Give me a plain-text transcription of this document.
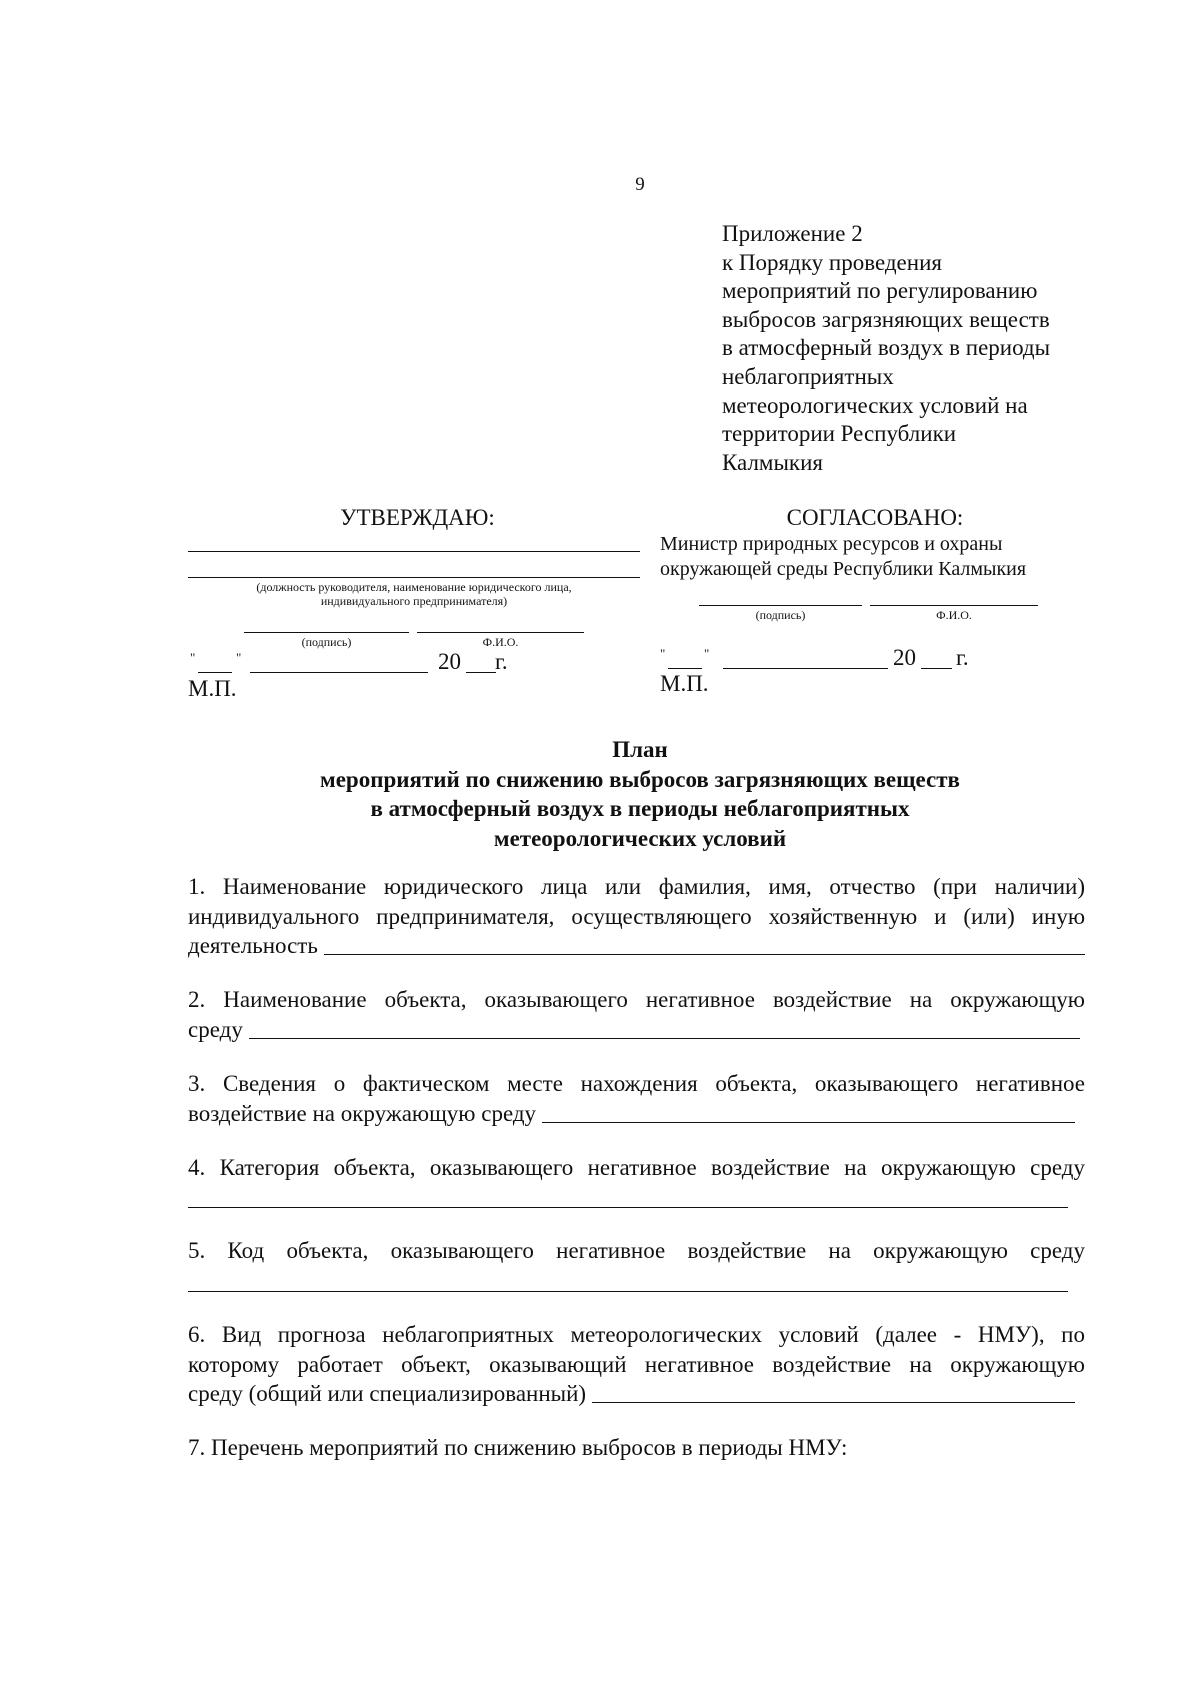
9
Приложение 2
к Порядку проведения
мероприятий по регулированию
выбросов загрязняющих веществ
в атмосферный воздух в периоды
неблагоприятных
метеорологических условий на
территории Республики
Калмыкия
УТВЕРЖДАЮ:
(должность руководителя, наименование юридического лица,
индивидуального предпринимателя)
(подпись)	Ф.И.О.
"	"	20 г.
М.П.
СОГЛАСОВАНО:
Министр природных ресурсов и охраны
окружающей среды Республики Калмыкия
(подпись)	Ф.И.О.
"	"	20 г.
М.П.
План
мероприятий по снижению выбросов загрязняющих веществ
в атмосферный воздух в периоды неблагоприятных
метеорологических условий
1. Наименование юридического лица или фамилия, имя, отчество (при наличии)
индивидуального предпринимателя, осуществляющего хозяйственную и (или) иную
деятельность
2. Наименование объекта, оказывающего негативное воздействие на окружающую
среду
3. Сведения о фактическом месте нахождения объекта, оказывающего негативное
воздействие на окружающую среду
4. Категория объекта, оказывающего негативное воздействие на окружающую среду
5. Код объекта, оказывающего негативное воздействие на окружающую среду
6. Вид прогноза неблагоприятных метеорологических условий (далее - НМУ), по
которому работает объект, оказывающий негативное воздействие на окружающую
среду (общий или специализированный)
7. Перечень мероприятий по снижению выбросов в периоды НМУ:
